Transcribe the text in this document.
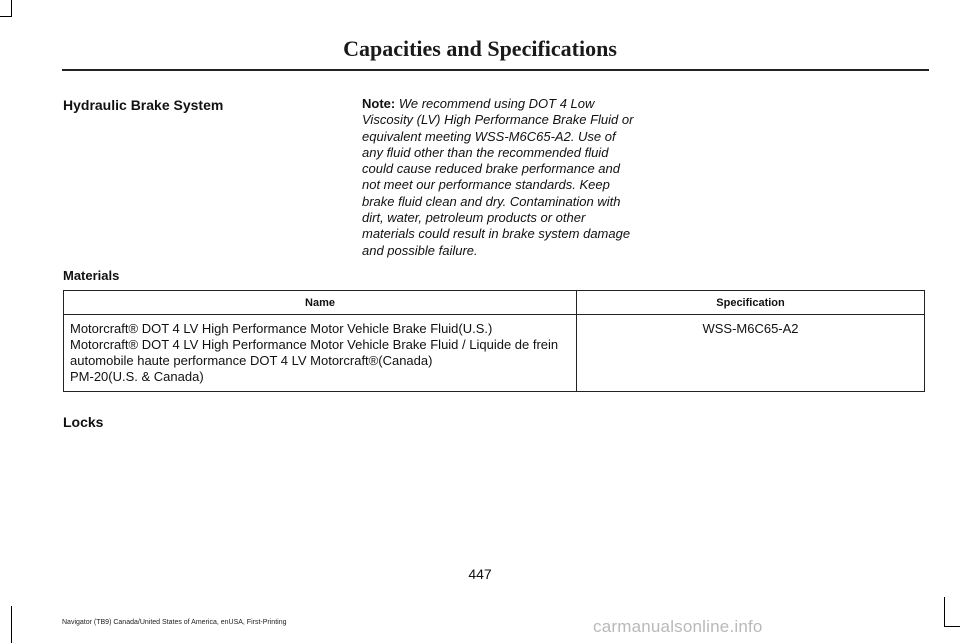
Capacities and Specifications
Hydraulic Brake System	Note: We recommend using DOT 4 Low Viscosity (LV) High Performance Brake Fluid or equivalent meeting WSS-M6C65-A2. Use of any fluid other than the recommended fluid could cause reduced brake performance and not meet our performance standards. Keep brake fluid clean and dry. Contamination with dirt, water, petroleum products or other materials could result in brake system damage and possible failure.
Materials
Name	Specification

Motorcraft® DOT 4 LV High Performance Motor Vehicle Brake Fluid(U.S.)
Motorcraft® DOT 4 LV High Performance Motor Vehicle Brake Fluid / Liquide de frein automobile haute performance DOT 4 LV Motorcraft®(Canada)
PM-20(U.S. & Canada)	WSS-M6C65-A2
Locks
447
Navigator (TB9) Canada/United States of America, enUSA, First-Printing	carmanualsonline.info
